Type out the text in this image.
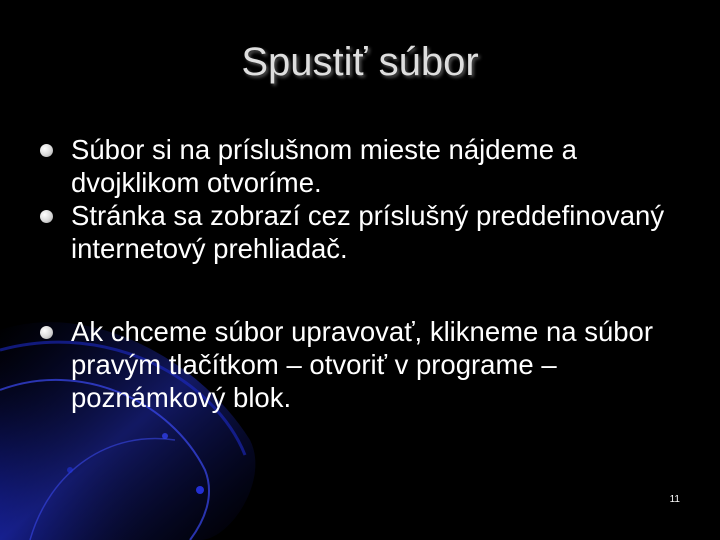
Spustiť súbor
Súbor si na príslušnom mieste nájdeme a dvojklikom otvoríme.
Stránka sa zobrazí cez príslušný preddefinovaný internetový prehliadač.
Ak chceme súbor upravovať, klikneme na súbor pravým tlačítkom – otvoriť v programe – poznámkový blok.
11
